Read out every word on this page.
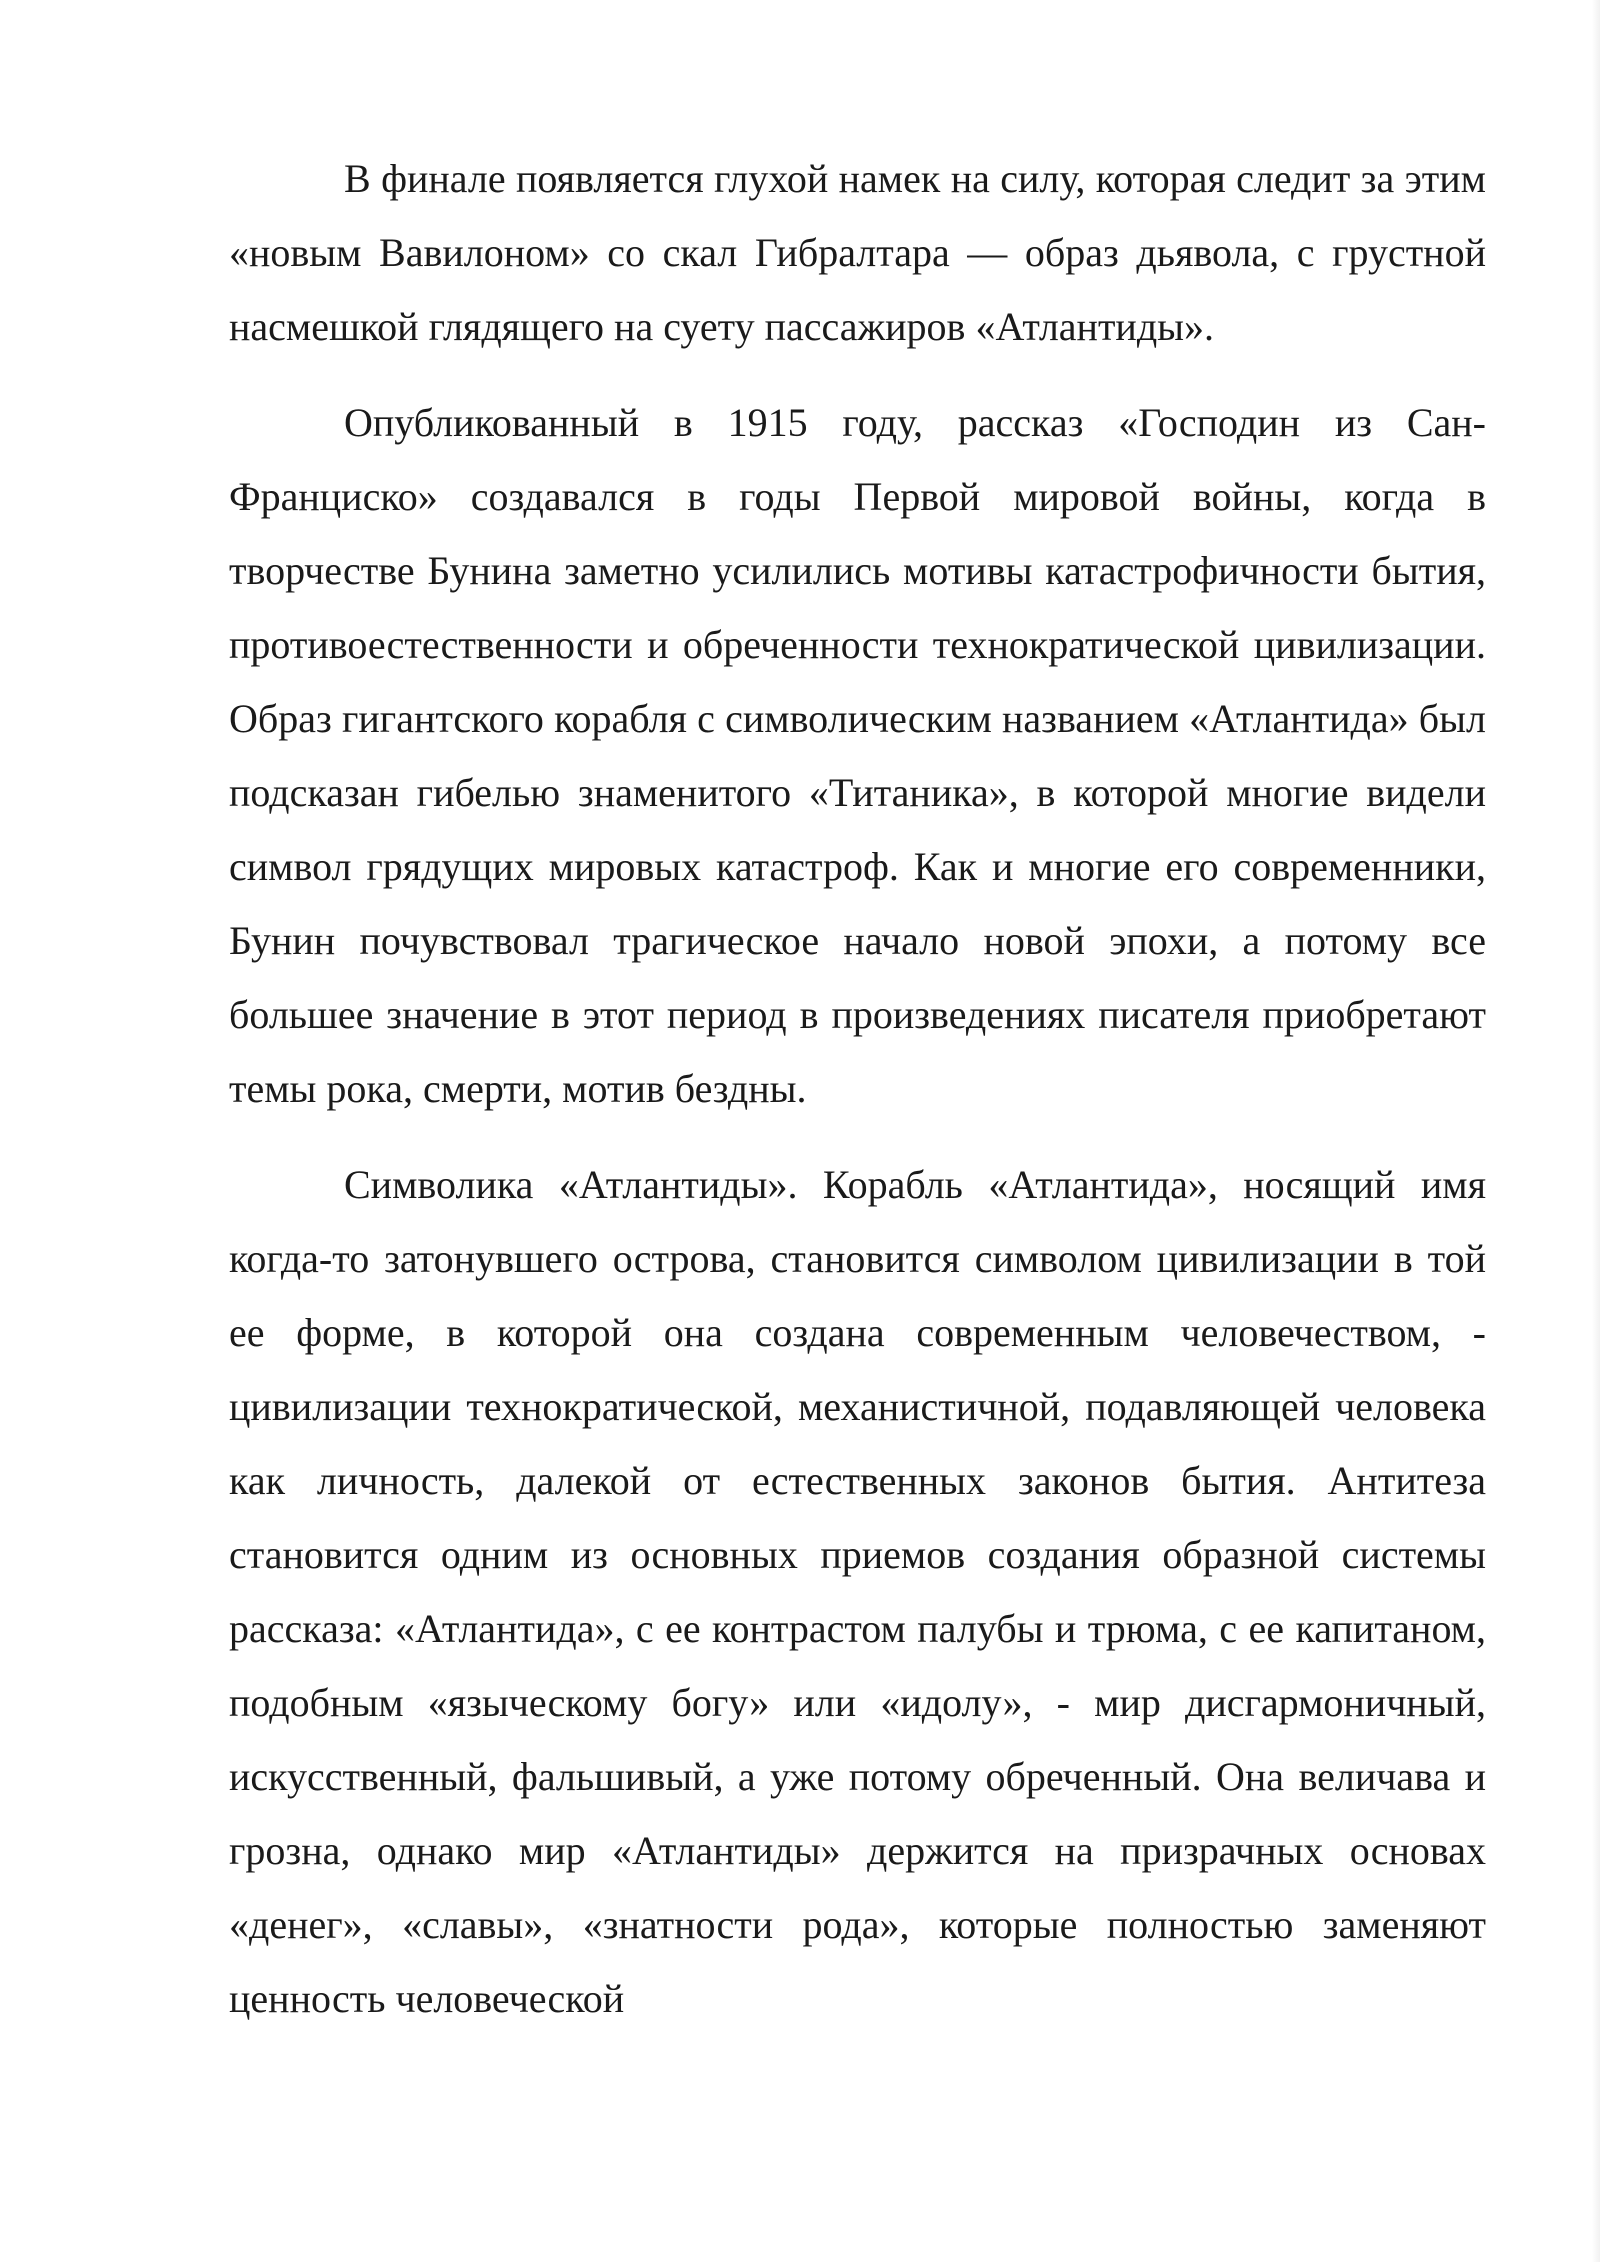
В финале появляется глухой намек на силу, которая следит за этим «новым Вавилоном» со скал Гибралтара — образ дьявола, с грустной насмешкой глядящего на суету пассажиров «Атлантиды».

Опубликованный в 1915 году, рассказ «Господин из Сан-Франциско» создавался в годы Первой мировой войны, когда в творчестве Бунина заметно усилились мотивы катастрофичности бытия, противоестественности и обреченности технократической цивилизации. Образ гигантского корабля с символическим названием «Атлантида» был подсказан гибелью знаменитого «Титаника», в которой многие видели символ грядущих мировых катастроф. Как и многие его современники, Бунин почувствовал трагическое начало новой эпохи, а потому все большее значение в этот период в произведениях писателя приобретают темы рока, смерти, мотив бездны.

Символика «Атлантиды». Корабль «Атлантида», носящий имя когда-то затонувшего острова, становится символом цивилизации в той ее форме, в которой она создана современным человечеством, - цивилизации технократической, механистичной, подавляющей человека как личность, далекой от естественных законов бытия. Антитеза становится одним из основных приемов создания образной системы рассказа: «Атлантида», с ее контрастом палубы и трюма, с ее капитаном, подобным «языческому богу» или «идолу», - мир дисгармоничный, искусственный, фальшивый, а уже потому обреченный. Она величава и грозна, однако мир «Атлантиды» держится на призрачных основах «денег», «славы», «знатности рода», которые полностью заменяют ценность человеческой
